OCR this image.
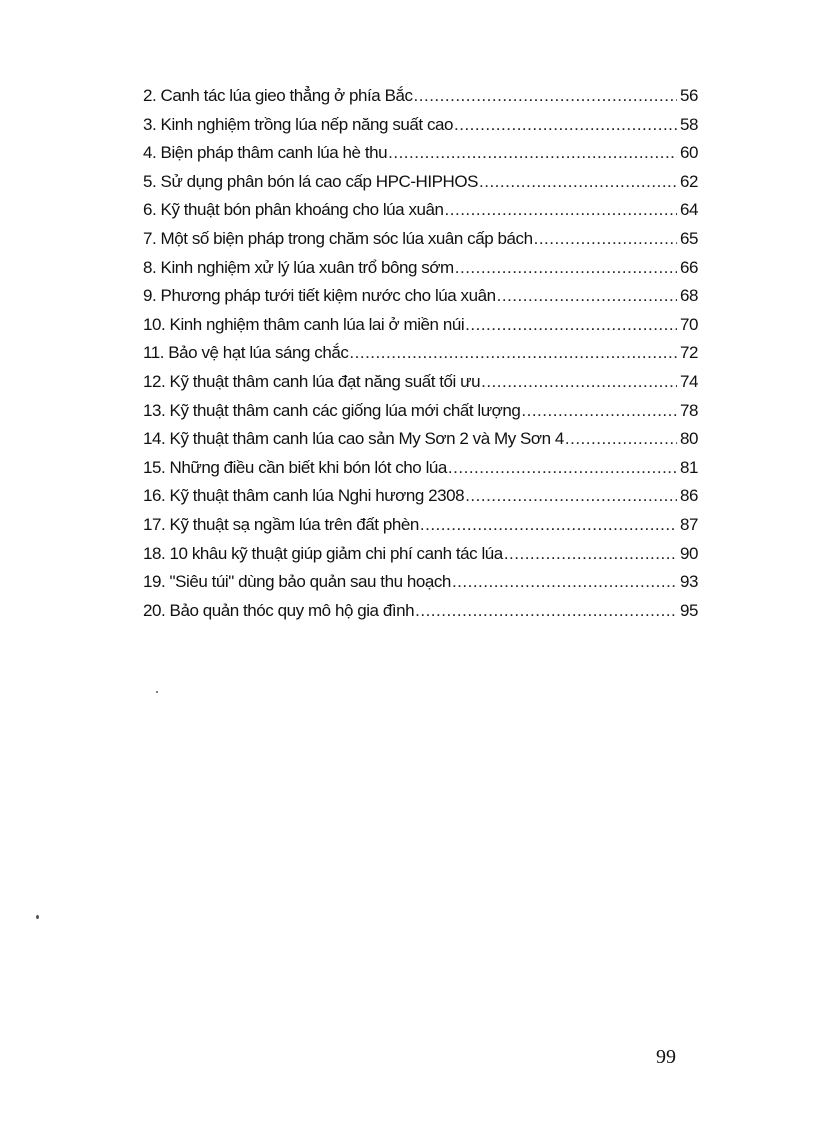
2. Canh tác lúa gieo thẳng ở phía Bắc .....	56
3. Kinh nghiệm trồng lúa nếp năng suất cao .....	58
4. Biện pháp thâm canh lúa hè thu .....	60
5. Sử dụng phân bón lá cao cấp HPC-HIPHOS .....	62
6. Kỹ thuật bón phân khoáng cho lúa xuân .....	64
7. Một số biện pháp trong chăm sóc lúa xuân cấp bách .....	65
8. Kinh nghiệm xử lý lúa xuân trổ bông sớm .....	66
9. Phương pháp tưới tiết kiệm nước cho lúa xuân .....	68
10. Kinh nghiệm thâm canh lúa lai ở miền núi .....	70
11. Bảo vệ hạt lúa sáng chắc .....	72
12. Kỹ thuật thâm canh lúa đạt năng suất tối ưu .....	74
13. Kỹ thuật thâm canh các giống lúa mới chất lượng .....	78
14. Kỹ thuật thâm canh lúa cao sản My Sơn 2 và My Sơn 4 .....	80
15. Những điều cần biết khi bón lót cho lúa .....	81
16. Kỹ thuật thâm canh lúa Nghi hương 2308 .....	86
17. Kỹ thuật sạ ngầm lúa trên đất phèn .....	87
18. 10 khâu kỹ thuật giúp giảm chi phí canh tác lúa .....	90
19. "Siêu túi" dùng bảo quản sau thu hoạch .....	93
20. Bảo quản thóc quy mô hộ gia đình .....	95
99
